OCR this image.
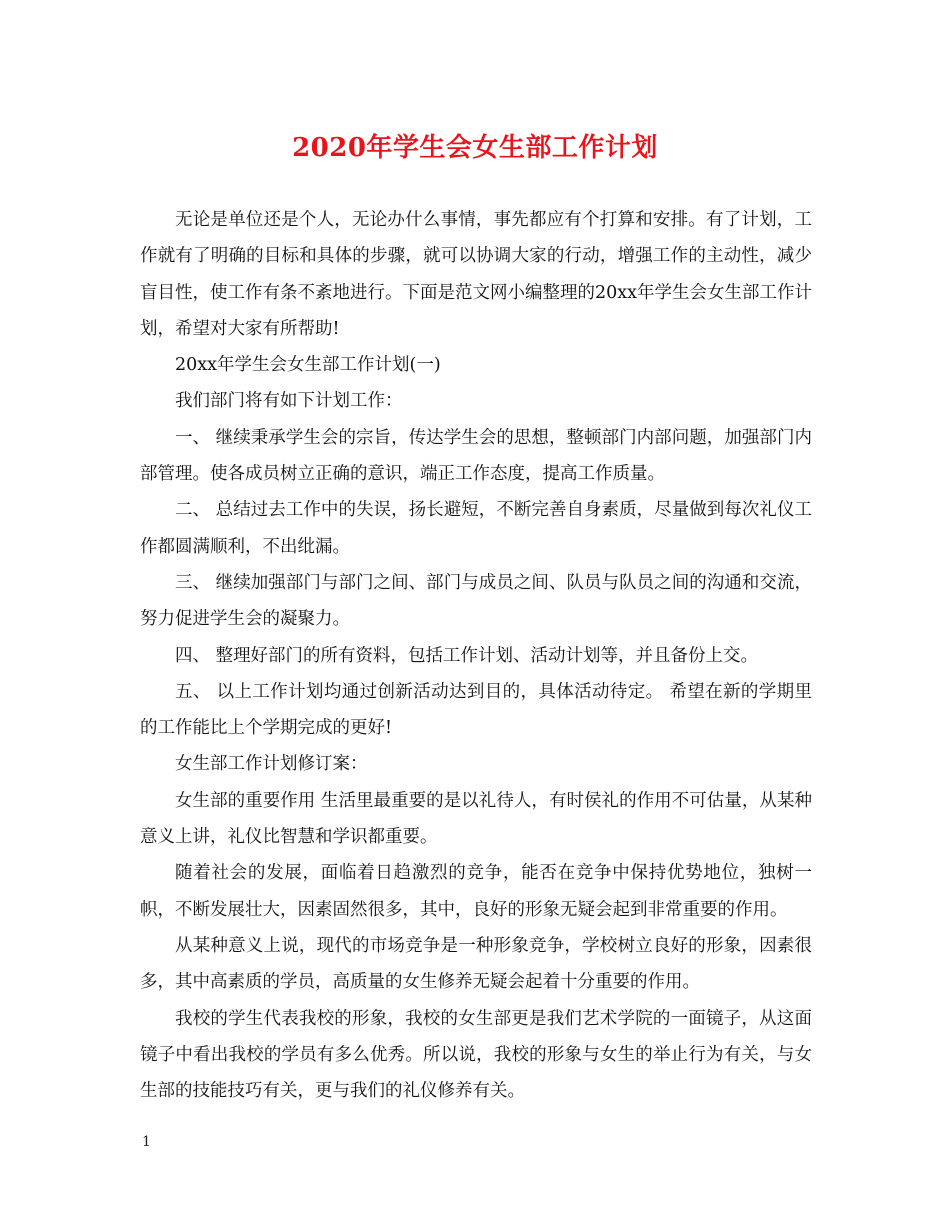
2020年学生会女生部工作计划

无论是单位还是个人，无论办什么事情，事先都应有个打算和安排。有了计划，工作就有了明确的目标和具体的步骤，就可以协调大家的行动，增强工作的主动性，减少盲目性，使工作有条不紊地进行。下面是范文网小编整理的20xx年学生会女生部工作计划，希望对大家有所帮助!

20xx年学生会女生部工作计划(一)

我们部门将有如下计划工作：

一、 继续秉承学生会的宗旨，传达学生会的思想，整顿部门内部问题，加强部门内部管理。使各成员树立正确的意识，端正工作态度，提高工作质量。

二、 总结过去工作中的失误，扬长避短，不断完善自身素质，尽量做到每次礼仪工作都圆满顺利，不出纰漏。

三、 继续加强部门与部门之间、部门与成员之间、队员与队员之间的沟通和交流，努力促进学生会的凝聚力。

四、 整理好部门的所有资料，包括工作计划、活动计划等，并且备份上交。

五、 以上工作计划均通过创新活动达到目的，具体活动待定。 希望在新的学期里的工作能比上个学期完成的更好!

女生部工作计划修订案：

女生部的重要作用 生活里最重要的是以礼待人，有时侯礼的作用不可估量，从某种意义上讲，礼仪比智慧和学识都重要。

随着社会的发展，面临着日趋激烈的竞争，能否在竞争中保持优势地位，独树一帜，不断发展壮大，因素固然很多，其中，良好的形象无疑会起到非常重要的作用。

从某种意义上说，现代的市场竞争是一种形象竞争，学校树立良好的形象，因素很多，其中高素质的学员，高质量的女生修养无疑会起着十分重要的作用。

我校的学生代表我校的形象，我校的女生部更是我们艺术学院的一面镜子，从这面镜子中看出我校的学员有多么优秀。所以说，我校的形象与女生的举止行为有关，与女生部的技能技巧有关，更与我们的礼仪修养有关。

1
